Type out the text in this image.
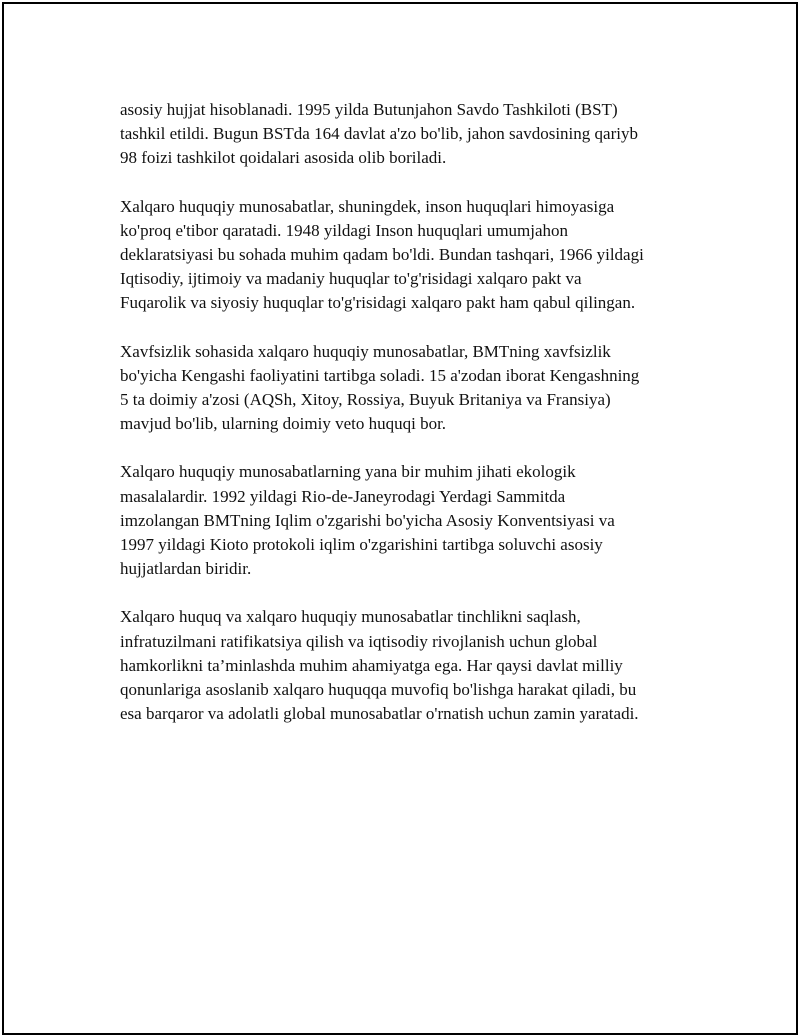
asosiy hujjat hisoblanadi. 1995 yilda Butunjahon Savdo Tashkiloti (BST)
tashkil etildi. Bugun BSTda 164 davlat a'zo bo'lib, jahon savdosining qariyb
98 foizi tashkilot qoidalari asosida olib boriladi.

Xalqaro huquqiy munosabatlar, shuningdek, inson huquqlari himoyasiga
ko'proq e'tibor qaratadi. 1948 yildagi Inson huquqlari umumjahon
deklaratsiyasi bu sohada muhim qadam bo'ldi. Bundan tashqari, 1966 yildagi
Iqtisodiy, ijtimoiy va madaniy huquqlar to'g'risidagi xalqaro pakt va
Fuqarolik va siyosiy huquqlar to'g'risidagi xalqaro pakt ham qabul qilingan.

Xavfsizlik sohasida xalqaro huquqiy munosabatlar, BMTning xavfsizlik
bo'yicha Kengashi faoliyatini tartibga soladi. 15 a'zodan iborat Kengashning
5 ta doimiy a'zosi (AQSh, Xitoy, Rossiya, Buyuk Britaniya va Fransiya)
mavjud bo'lib, ularning doimiy veto huquqi bor.

Xalqaro huquqiy munosabatlarning yana bir muhim jihati ekologik
masalalardir. 1992 yildagi Rio-de-Janeyrodagi Yerdagi Sammitda
imzolangan BMTning Iqlim o'zgarishi bo'yicha Asosiy Konventsiyasi va
1997 yildagi Kioto protokoli iqlim o'zgarishini tartibga soluvchi asosiy
hujjatlardan biridir.

Xalqaro huquq va xalqaro huquqiy munosabatlar tinchlikni saqlash,
infratuzilmani ratifikatsiya qilish va iqtisodiy rivojlanish uchun global
hamkorlikni ta’minlashda muhim ahamiyatga ega. Har qaysi davlat milliy
qonunlariga asoslanib xalqaro huquqqa muvofiq bo'lishga harakat qiladi, bu
esa barqaror va adolatli global munosabatlar o'rnatish uchun zamin yaratadi.
